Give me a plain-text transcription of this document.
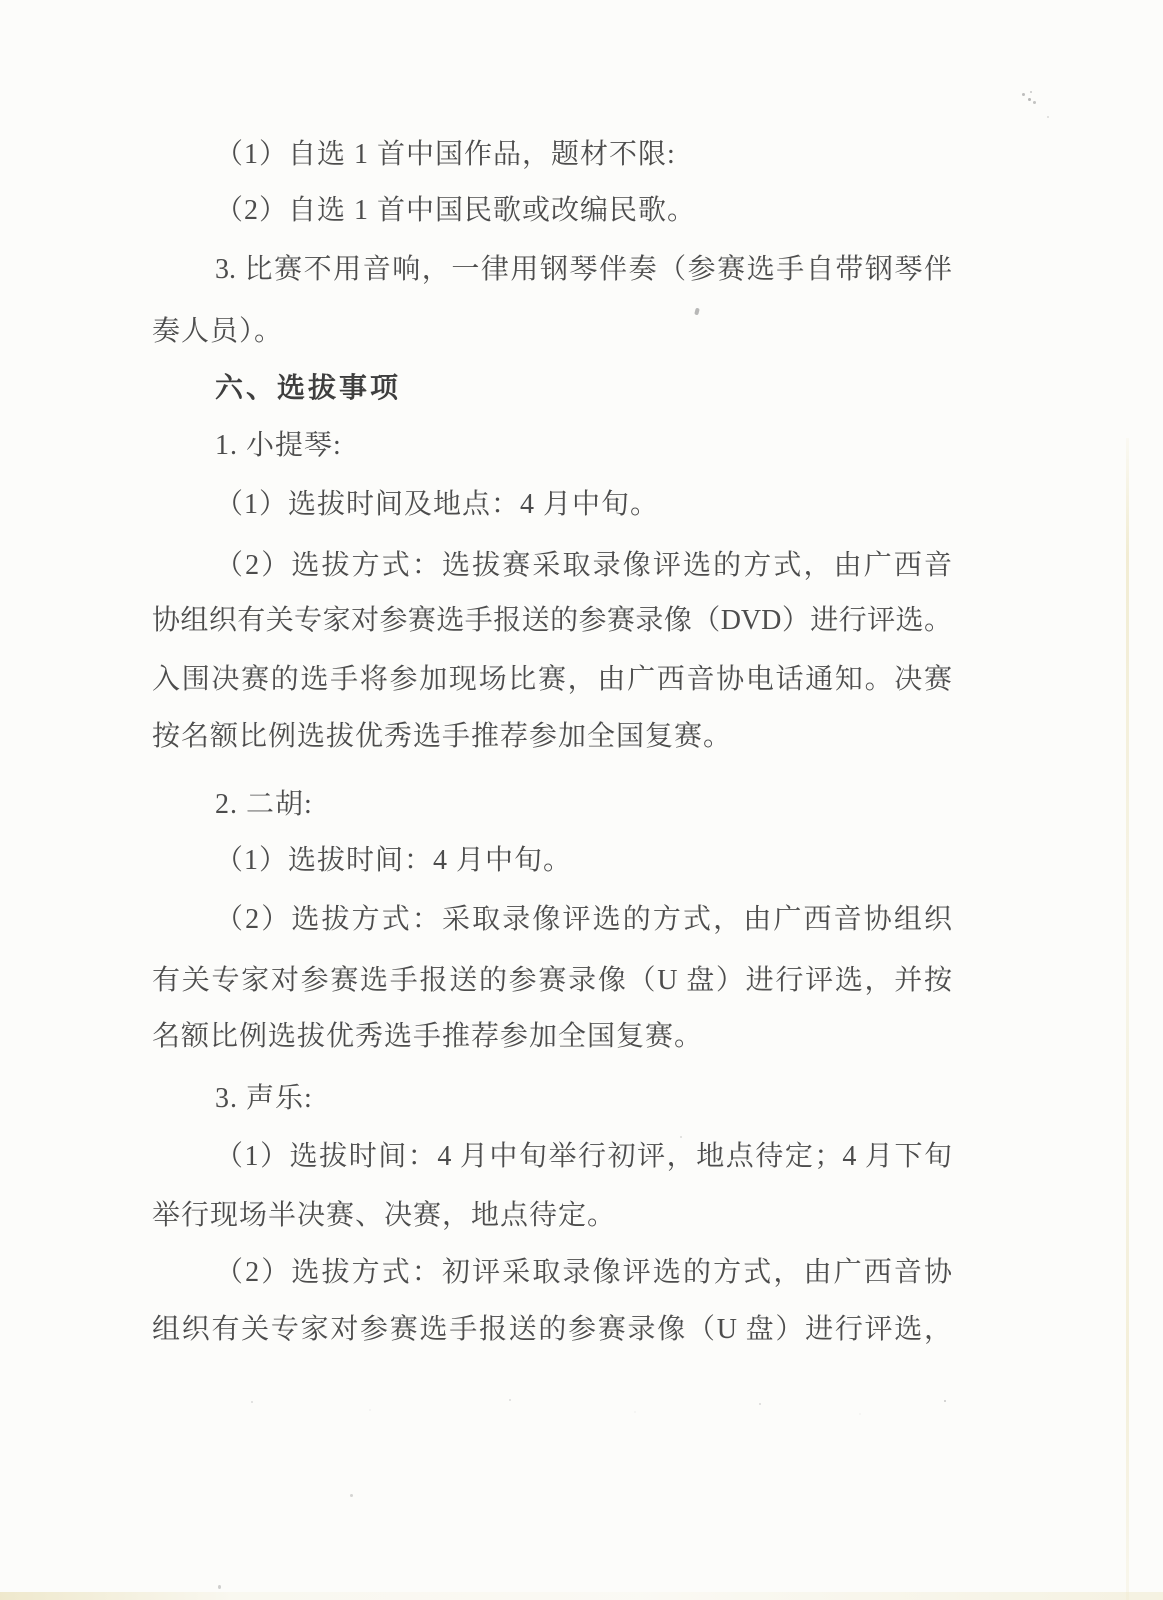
（1）自选 1 首中国作品，题材不限:
（2）自选 1 首中国民歌或改编民歌。
3. 比赛不用音响，一律用钢琴伴奏（参赛选手自带钢琴伴
奏人员）。
六、选拔事项
1. 小提琴:
（1）选拔时间及地点：4 月中旬。
（2）选拔方式：选拔赛采取录像评选的方式，由广西音
协组织有关专家对参赛选手报送的参赛录像（DVD）进行评选。
入围决赛的选手将参加现场比赛，由广西音协电话通知。决赛
按名额比例选拔优秀选手推荐参加全国复赛。
2. 二胡:
（1）选拔时间：4 月中旬。
（2）选拔方式：采取录像评选的方式，由广西音协组织
有关专家对参赛选手报送的参赛录像（U 盘）进行评选，并按
名额比例选拔优秀选手推荐参加全国复赛。
3. 声乐:
（1）选拔时间：4 月中旬举行初评，地点待定；4 月下旬
举行现场半决赛、决赛，地点待定。
（2）选拔方式：初评采取录像评选的方式，由广西音协
组织有关专家对参赛选手报送的参赛录像（U 盘）进行评选，
